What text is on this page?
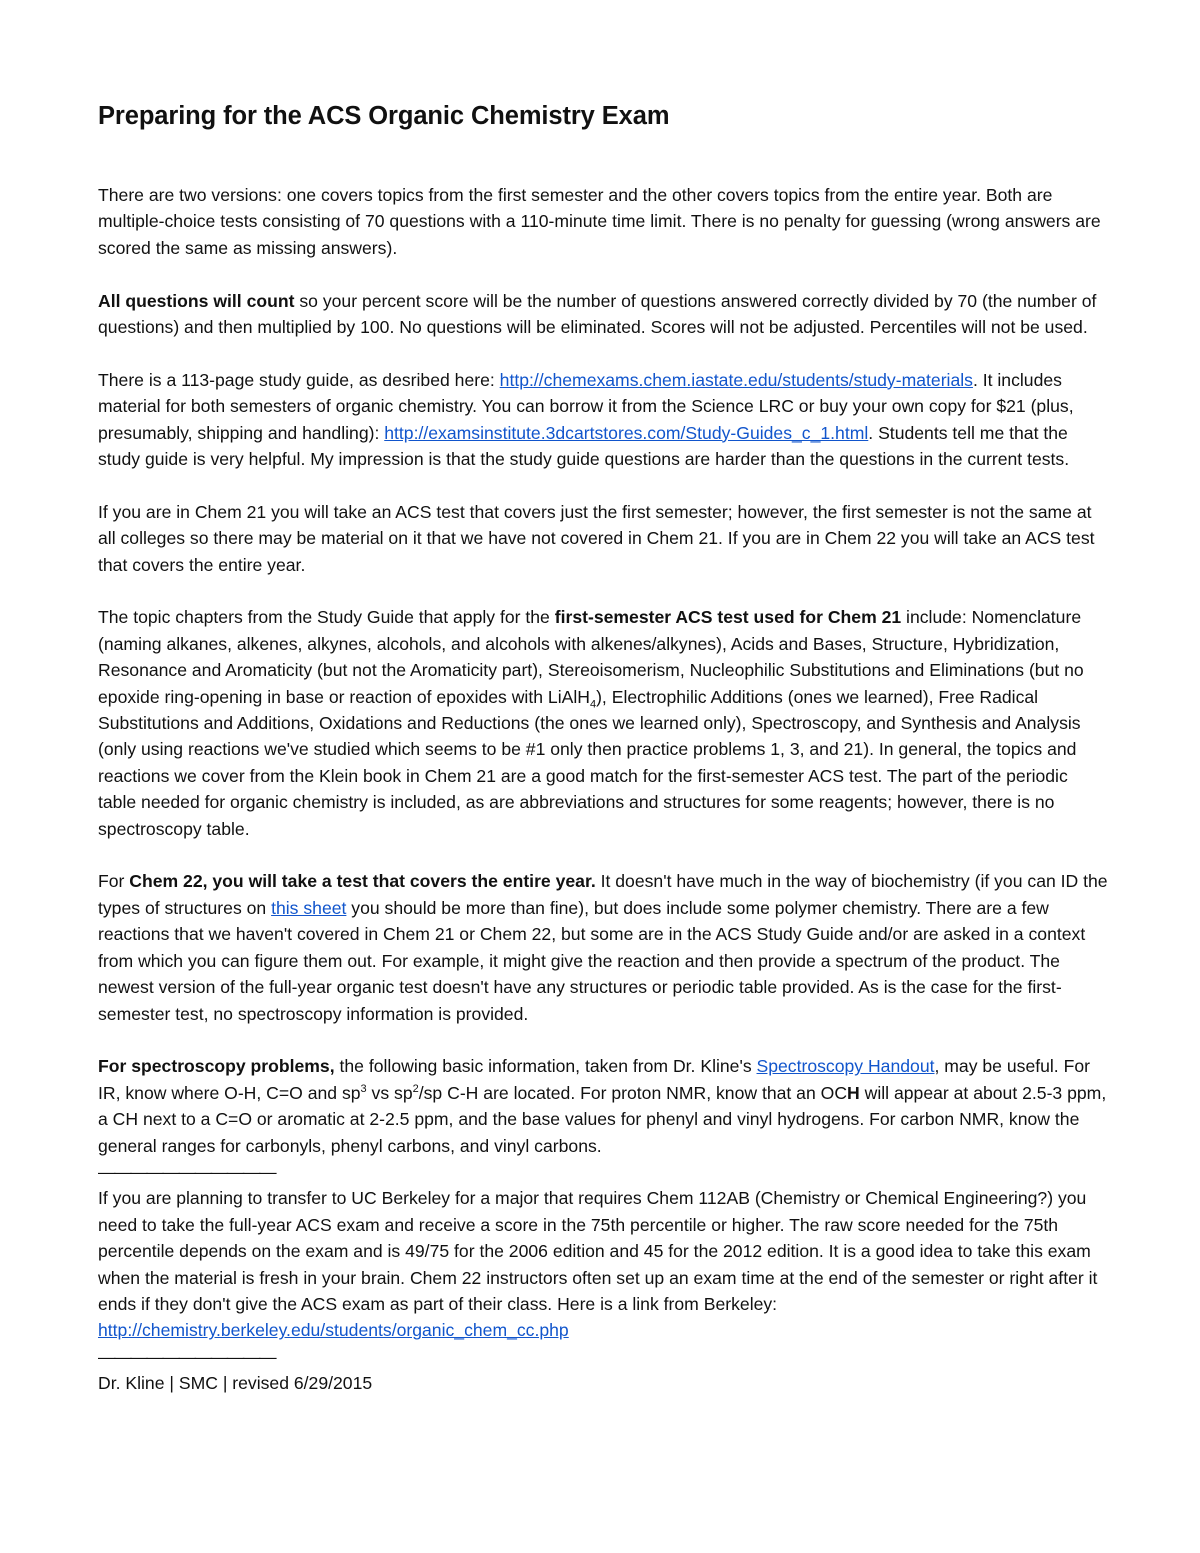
Preparing for the ACS Organic Chemistry Exam

There are two versions: one covers topics from the first semester and the other covers topics from the entire year. Both are multiple-choice tests consisting of 70 questions with a 110-minute time limit. There is no penalty for guessing (wrong answers are scored the same as missing answers).

All questions will count so your percent score will be the number of questions answered correctly divided by 70 (the number of questions) and then multiplied by 100. No questions will be eliminated. Scores will not be adjusted. Percentiles will not be used.

There is a 113-page study guide, as desribed here: http://chemexams.chem.iastate.edu/students/study-materials. It includes material for both semesters of organic chemistry. You can borrow it from the Science LRC or buy your own copy for $21 (plus, presumably, shipping and handling): http://examsinstitute.3dcartstores.com/Study-Guides_c_1.html. Students tell me that the study guide is very helpful. My impression is that the study guide questions are harder than the questions in the current tests.

If you are in Chem 21 you will take an ACS test that covers just the first semester; however, the first semester is not the same at all colleges so there may be material on it that we have not covered in Chem 21. If you are in Chem 22 you will take an ACS test that covers the entire year.

The topic chapters from the Study Guide that apply for the first-semester ACS test used for Chem 21 include: Nomenclature (naming alkanes, alkenes, alkynes, alcohols, and alcohols with alkenes/alkynes), Acids and Bases, Structure, Hybridization, Resonance and Aromaticity (but not the Aromaticity part), Stereoisomerism, Nucleophilic Substitutions and Eliminations (but no epoxide ring-opening in base or reaction of epoxides with LiAlH$_4$), Electrophilic Additions (ones we learned), Free Radical Substitutions and Additions, Oxidations and Reductions (the ones we learned only), Spectroscopy, and Synthesis and Analysis (only using reactions we've studied which seems to be #1 only then practice problems 1, 3, and 21). In general, the topics and reactions we cover from the Klein book in Chem 21 are a good match for the first-semester ACS test. The part of the periodic table needed for organic chemistry is included, as are abbreviations and structures for some reagents; however, there is no spectroscopy table.

For Chem 22, you will take a test that covers the entire year. It doesn't have much in the way of biochemistry (if you can ID the types of structures on this sheet you should be more than fine), but does include some polymer chemistry. There are a few reactions that we haven't covered in Chem 21 or Chem 22, but some are in the ACS Study Guide and/or are asked in a context from which you can figure them out. For example, it might give the reaction and then provide a spectrum of the product. The newest version of the full-year organic test doesn't have any structures or periodic table provided. As is the case for the first-semester test, no spectroscopy information is provided.

For spectroscopy problems, the following basic information, taken from Dr. Kline's Spectroscopy Handout, may be useful. For IR, know where O-H, C=O and $sp^3$ vs $sp^2/sp$ C-H are located. For proton NMR, know that an OCH will appear at about 2.5-3 ppm, a CH next to a C=O or aromatic at 2-2.5 ppm, and the base values for phenyl and vinyl hydrogens. For carbon NMR, know the general ranges for carbonyls, phenyl carbons, and vinyl carbons.

———————————

If you are planning to transfer to UC Berkeley for a major that requires Chem 112AB (Chemistry or Chemical Engineering?) you need to take the full-year ACS exam and receive a score in the 75th percentile or higher. The raw score needed for the 75th percentile depends on the exam and is 49/75 for the 2006 edition and 45 for the 2012 edition. It is a good idea to take this exam when the material is fresh in your brain. Chem 22 instructors often set up an exam time at the end of the semester or right after it ends if they don't give the ACS exam as part of their class. Here is a link from Berkeley: http://chemistry.berkeley.edu/students/organic_chem_cc.php

———————————

Dr. Kline | SMC | revised 6/29/2015
